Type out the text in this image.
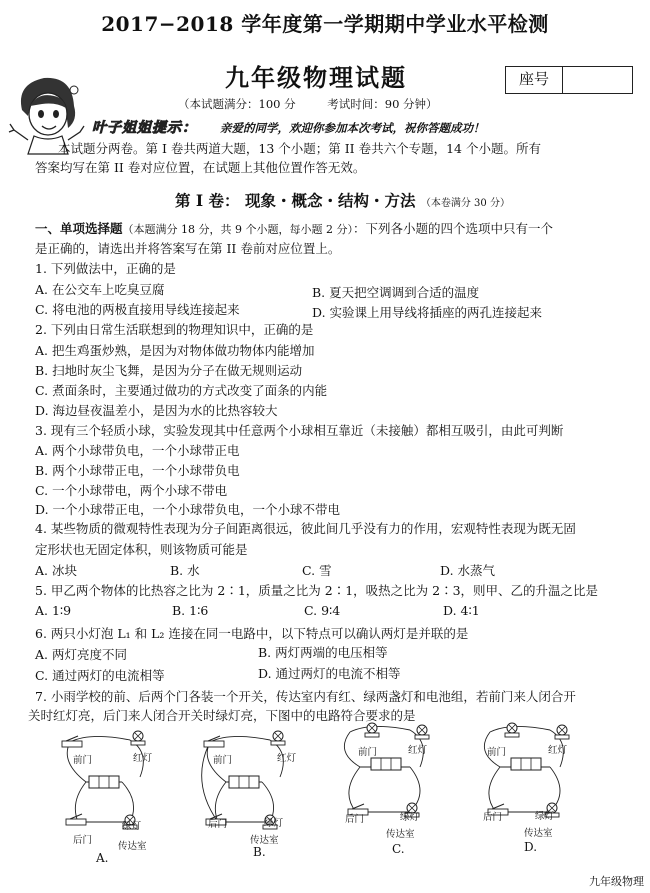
2017−2018 学年度第一学期期中学业水平检测
九年级物理试题	座号
（本试题满分：100 分	考试时间：90 分钟）
叶子姐姐提示： 亲爱的同学，欢迎你参加本次考试，祝你答题成功！
本试题分两卷。第 I 卷共两道大题，13 个小题；第 II 卷共六个专题，14 个小题。所有
答案均写在第 II 卷对应位置，在试题上其他位置作答无效。
第 I 卷： 现象・概念・结构・方法 （本卷满分 30 分）
一、单项选择题（本题满分 18 分，共 9 个小题，每小题 2 分）：下列各小题的四个选项中只有一个
是正确的，请选出并将答案写在第 II 卷前对应位置上。
1. 下列做法中，正确的是
A. 在公交车上吃臭豆腐	B. 夏天把空调调到合适的温度
C. 将电池的两极直接用导线连接起来	D. 实验课上用导线将插座的两孔连接起来
2. 下列由日常生活联想到的物理知识中，正确的是
A. 把生鸡蛋炒熟，是因为对物体做功物体内能增加
B. 扫地时灰尘飞舞，是因为分子在做无规则运动
C. 煮面条时，主要通过做功的方式改变了面条的内能
D. 海边昼夜温差小，是因为水的比热容较大
3. 现有三个轻质小球，实验发现其中任意两个小球相互靠近（未接触）都相互吸引，由此可判断
A. 两个小球带负电，一个小球带正电
B. 两个小球带正电，一个小球带负电
C. 一个小球带电，两个小球不带电
D. 一个小球带正电，一个小球带负电，一个小球不带电
4. 某些物质的微观特性表现为分子间距离很远，彼此间几乎没有力的作用，宏观特性表现为既无固
定形状也无固定体积，则该物质可能是
A. 冰块	B. 水	C. 雪	D. 水蒸气
5. 甲乙两个物体的比热容之比为 2∶1，质量之比为 2∶1，吸热之比为 2∶3，则甲、乙的升温之比是
A. 1∶9	B. 1∶6	C. 9∶4	D. 4∶1
6. 两只小灯泡 L₁ 和 L₂ 连接在同一电路中，以下特点可以确认两灯是并联的是
A. 两灯亮度不同	B. 两灯两端的电压相等
C. 通过两灯的电流相等	D. 通过两灯的电流不相等
7. 小雨学校的前、后两个门各装一个开关，传达室内有红、绿两盏灯和电池组，若前门来人闭合开
关时红灯亮，后门来人闭合开关时绿灯亮，下图中的电路符合要求的是
前门	红灯
后门
绿灯
传达室
A.
前门	红灯
后门	绿灯
传达室
B.
前门	红灯
后门	绿灯
传达室
C.
前门	红灯
后门	绿灯
传达室
D.
九年级物理
